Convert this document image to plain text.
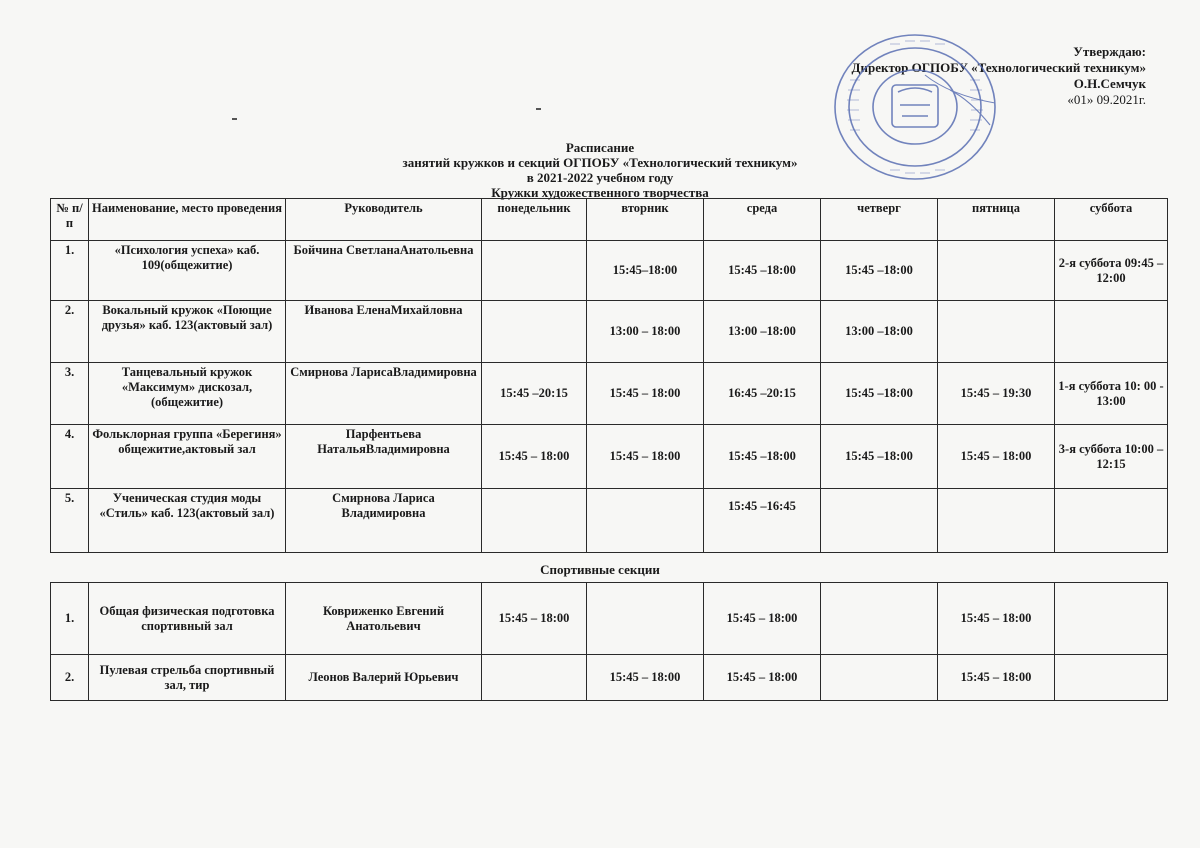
Утверждаю:
Директор ОГПОБУ «Технологический техникум»
О.Н.Семчук
«01» 09.2021г.
Расписание
занятий кружков и секций ОГПОБУ «Технологический техникум»
в 2021-2022 учебном году
Кружки художественного творчества
№ п/п	Наименование, место проведения	Руководитель	понедельник	вторник	среда	четверг	пятница	суббота
1.	«Психология успеха» каб. 109(общежитие)	Бойчина СветланаАнатольевна		15:45–18:00	15:45 –18:00	15:45 –18:00		2-я суббота 09:45 – 12:00
2.	Вокальный кружок «Поющие друзья» каб. 123(актовый зал)	Иванова ЕленаМихайловна		13:00 – 18:00	13:00 –18:00	13:00 –18:00		
3.	Танцевальный кружок «Максимум» дискозал,(общежитие)	Смирнова ЛарисаВладимировна	15:45 –20:15	15:45 – 18:00	16:45 –20:15	15:45 –18:00	15:45 – 19:30	1-я суббота 10: 00 - 13:00
4.	Фольклорная группа «Берегиня» общежитие,актовый зал	Парфентьева НатальяВладимировна	15:45 – 18:00	15:45 – 18:00	15:45 –18:00	15:45 –18:00	15:45 – 18:00	3-я суббота 10:00 – 12:15
5.	Ученическая студия моды «Стиль» каб. 123(актовый зал)	Смирнова Лариса Владимировна			15:45 –16:45			
Спортивные секции
1.	Общая физическая подготовка спортивный зал	Ковриженко Евгений Анатольевич	15:45 – 18:00		15:45 – 18:00		15:45 – 18:00	
2.	Пулевая стрельба спортивный зал, тир	Леонов Валерий Юрьевич		15:45 – 18:00	15:45 – 18:00		15:45 – 18:00	
